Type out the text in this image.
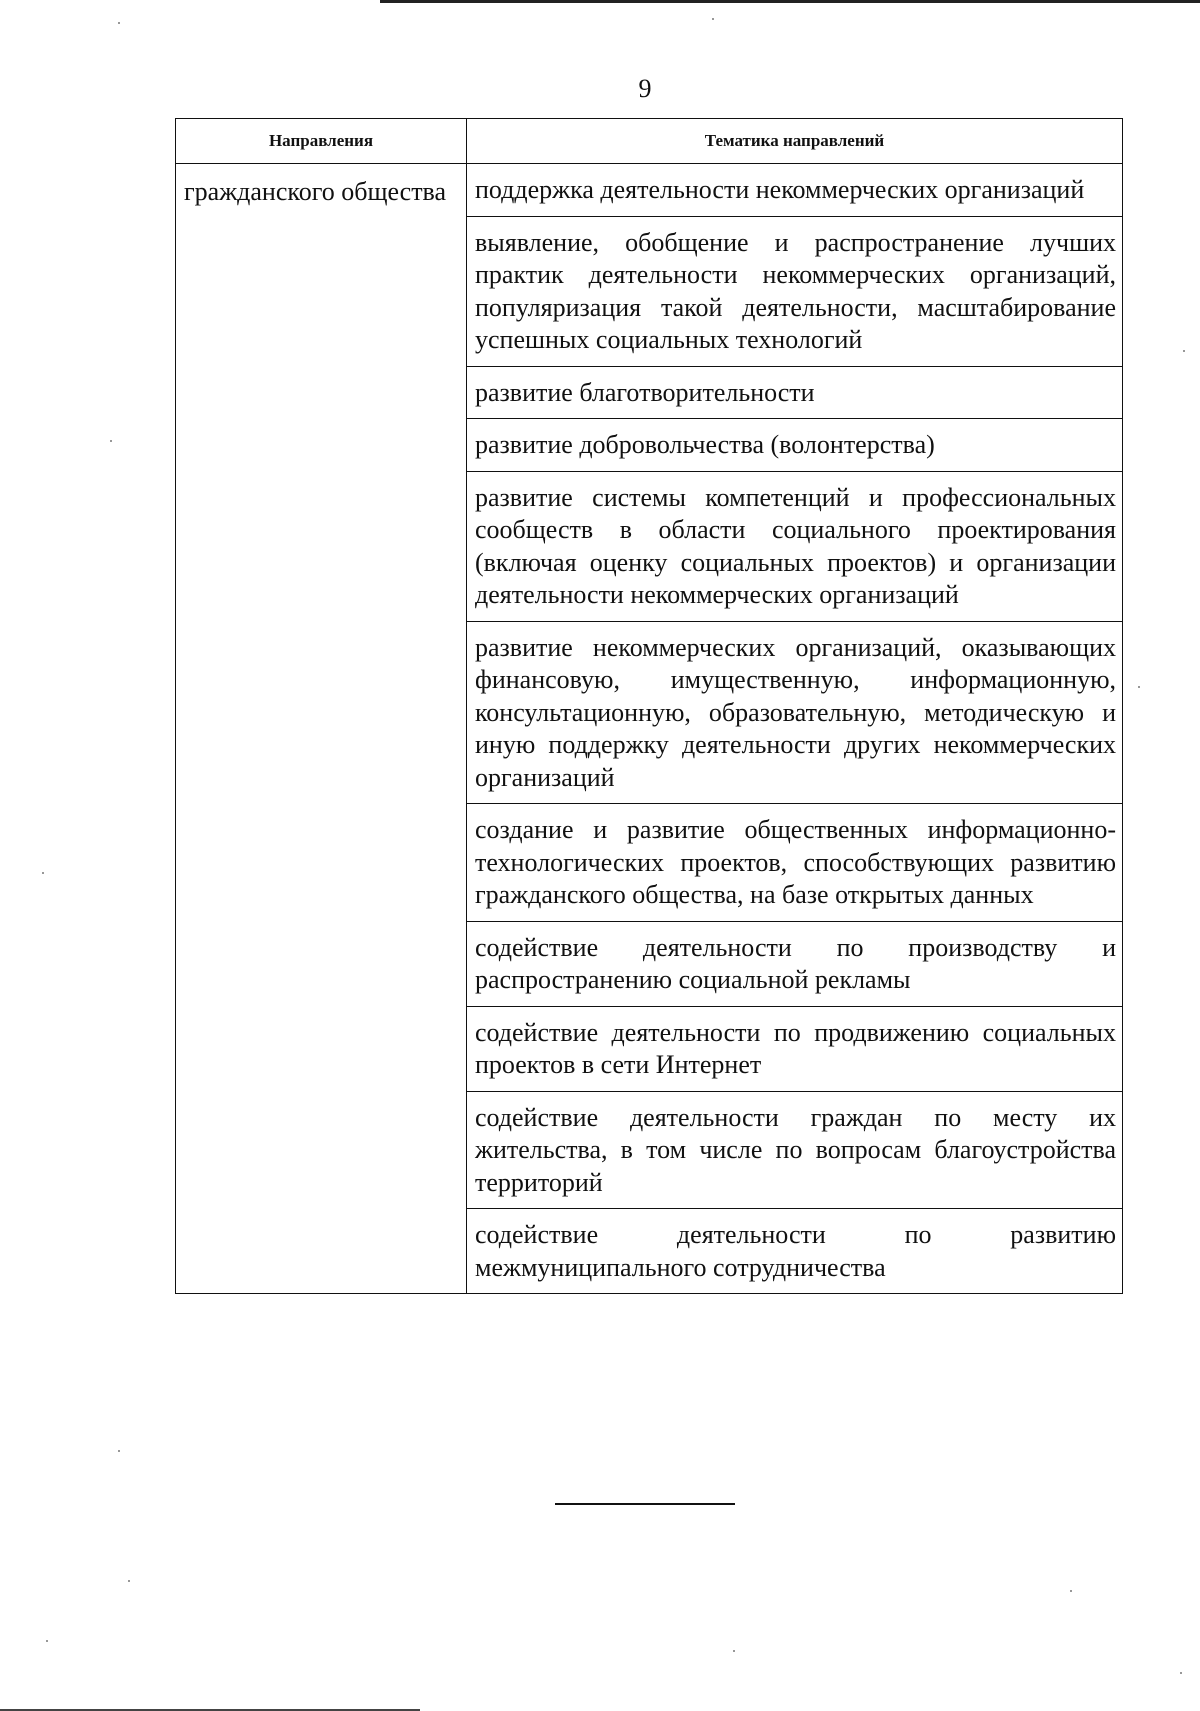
9
Направления	Тематика направлений
гражданского общества	поддержка деятельности некоммерческих организаций
	выявление, обобщение и распространение лучших практик деятельности некоммерческих организаций, популяризация такой деятельности, масштабирование успешных социальных технологий
	развитие благотворительности
	развитие добровольчества (волонтерства)
	развитие системы компетенций и профессиональных сообществ в области социального проектирования (включая оценку социальных проектов) и организации деятельности некоммерческих организаций
	развитие некоммерческих организаций, оказывающих финансовую, имущественную, информационную, консультационную, образовательную, методическую и иную поддержку деятельности других некоммерческих организаций
	создание и развитие общественных информационно-технологических проектов, способствующих развитию гражданского общества, на базе открытых данных
	содействие деятельности по производству и распространению социальной рекламы
	содействие деятельности по продвижению социальных проектов в сети Интернет
	содействие деятельности граждан по месту их жительства, в том числе по вопросам благоустройства территорий
	содействие деятельности по развитию межмуниципального сотрудничества
